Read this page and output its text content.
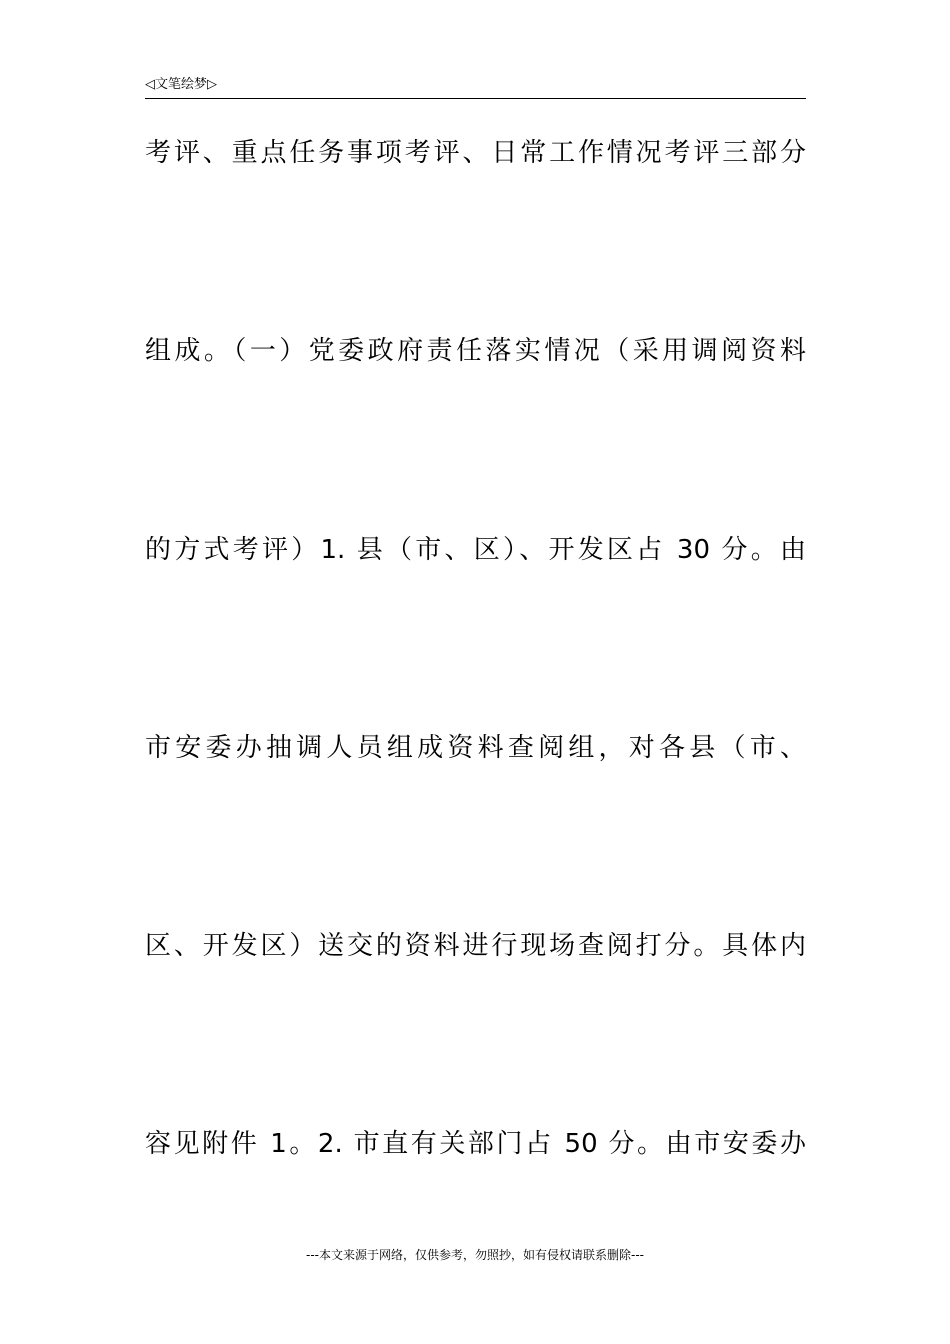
◁文笔绘梦▷
考评、重点任务事项考评、日常工作情况考评三部分
组成。（一）党委政府责任落实情况（采用调阅资料
的方式考评）1. 县（市、区）、开发区占 30 分。由
市安委办抽调人员组成资料查阅组，对各县（市、
区、开发区）送交的资料进行现场查阅打分。具体内
容见附件 1。2. 市直有关部门占 50 分。由市安委办
---本文来源于网络，仅供参考，勿照抄，如有侵权请联系删除---
